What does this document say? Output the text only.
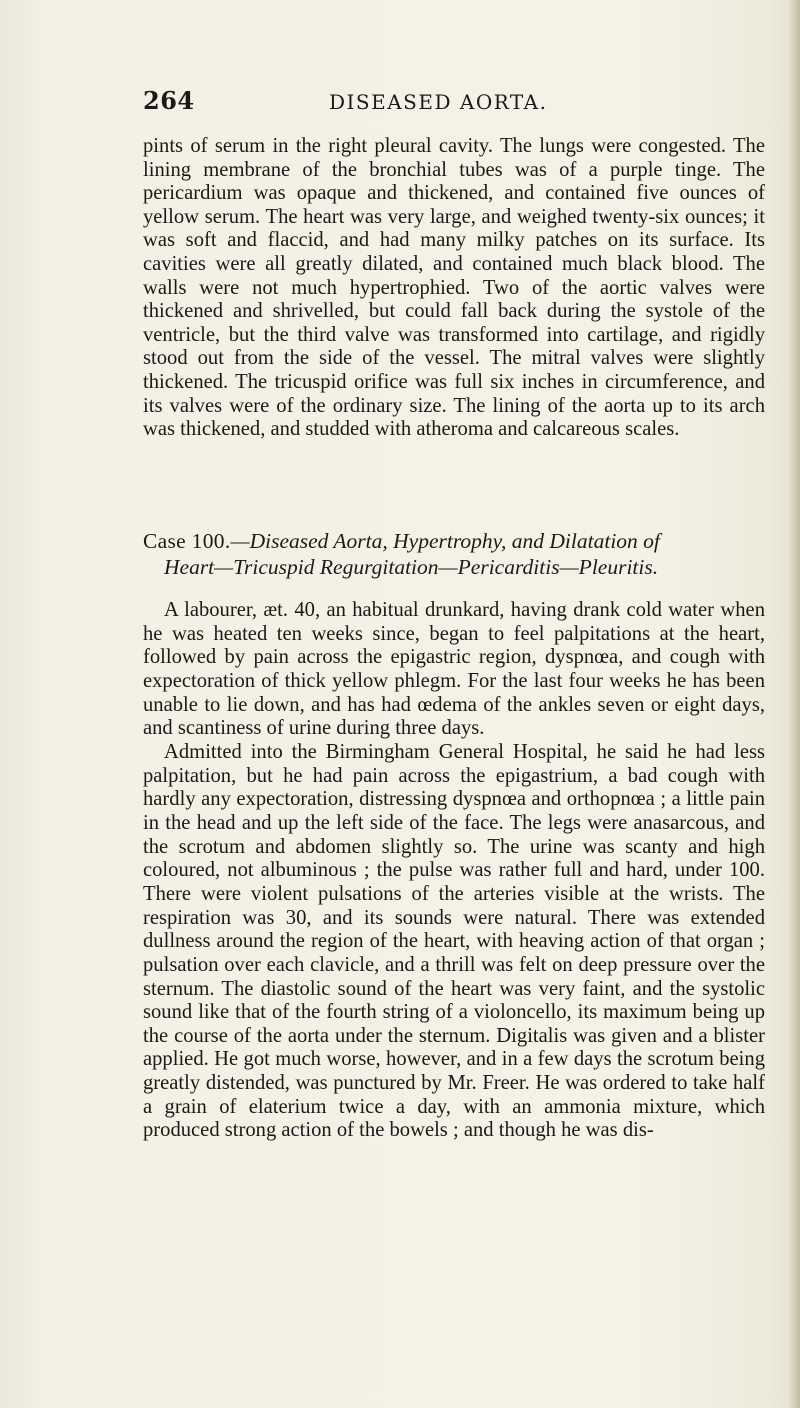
264	DISEASED AORTA.

pints of serum in the right pleural cavity. The lungs were congested. The lining membrane of the bronchial tubes was of a purple tinge. The pericardium was opaque and thickened, and contained five ounces of yellow serum. The heart was very large, and weighed twenty-six ounces; it was soft and flaccid, and had many milky patches on its surface. Its cavities were all greatly dilated, and contained much black blood. The walls were not much hypertrophied. Two of the aortic valves were thickened and shrivelled, but could fall back during the systole of the ventricle, but the third valve was transformed into cartilage, and rigidly stood out from the side of the vessel. The mitral valves were slightly thickened. The tricuspid orifice was full six inches in circumference, and its valves were of the ordinary size. The lining of the aorta up to its arch was thickened, and studded with atheroma and calcareous scales.

Case 100.—Diseased Aorta, Hypertrophy, and Dilatation of
Heart—Tricuspid Regurgitation—Pericarditis—Pleuritis.

A labourer, æt. 40, an habitual drunkard, having drank cold water when he was heated ten weeks since, began to feel palpitations at the heart, followed by pain across the epigastric region, dyspnœa, and cough with expectoration of thick yellow phlegm. For the last four weeks he has been unable to lie down, and has had œdema of the ankles seven or eight days, and scantiness of urine during three days.

Admitted into the Birmingham General Hospital, he said he had less palpitation, but he had pain across the epigastrium, a bad cough with hardly any expectoration, distressing dyspnœa and orthopnœa ; a little pain in the head and up the left side of the face. The legs were anasarcous, and the scrotum and abdomen slightly so. The urine was scanty and high coloured, not albuminous ; the pulse was rather full and hard, under 100. There were violent pulsations of the arteries visible at the wrists. The respiration was 30, and its sounds were natural. There was extended dullness around the region of the heart, with heaving action of that organ ; pulsation over each clavicle, and a thrill was felt on deep pressure over the sternum. The diastolic sound of the heart was very faint, and the systolic sound like that of the fourth string of a violoncello, its maximum being up the course of the aorta under the sternum. Digitalis was given and a blister applied. He got much worse, however, and in a few days the scrotum being greatly distended, was punctured by Mr. Freer. He was ordered to take half a grain of elaterium twice a day, with an ammonia mixture, which produced strong action of the bowels ; and though he was dis-
